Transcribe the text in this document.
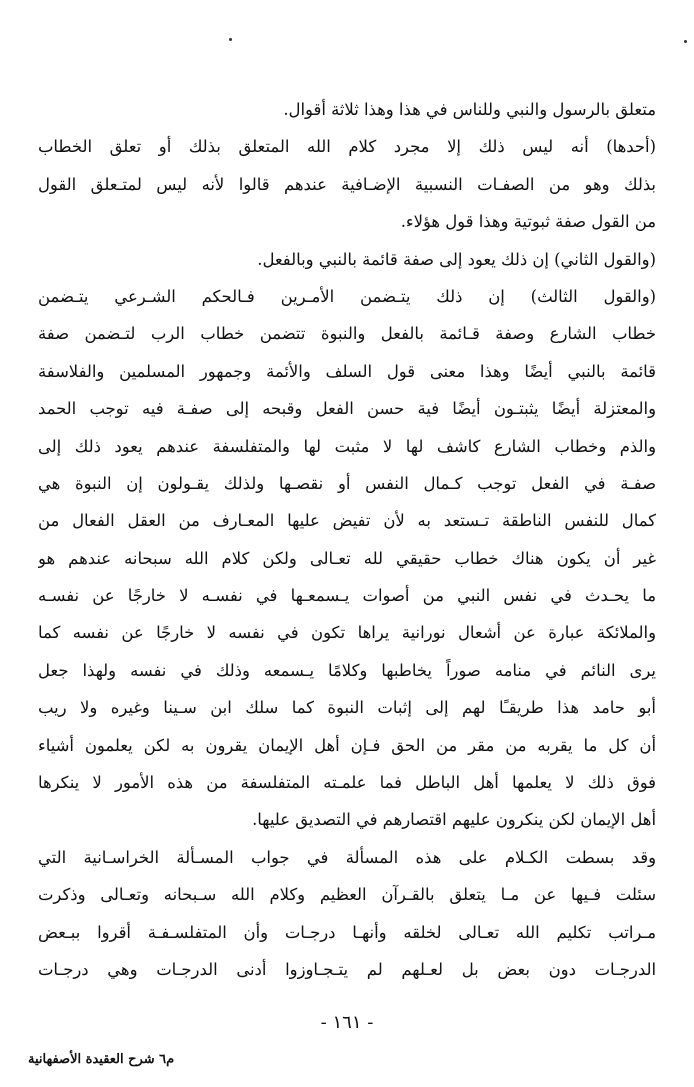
متعلق بالرسول والنبي وللناس في هذا وهذا ثلاثة أقوال.
(أحدها) أنه ليس ذلك إلا مجرد كلام الله المتعلق بذلك أو تعلق الخطاب
بذلك وهو من الصفـات النسبية الإضـافية عندهم قالوا لأنه ليس لمتـعلق القول
من القول صفة ثبوتية وهذا قول هؤلاء.
(والقول الثاني) إن ذلك يعود إلى صفة قائمة بالنبي وبالفعل.
(والقول الثالث) إن ذلك يتـضمن الأمـرين فـالحكم الشـرعي يتـضمن
خطاب الشارع وصفة قـائمة بالفعل والنبوة تتضمن خطاب الرب لتـضمن صفة
قائمة بالنبي أيضًا وهذا معنى قول السلف والأئمة وجمهور المسلمين والفلاسفة
والمعتزلة أيضًا يثبتـون أيضًا فية حسن الفعل وقبحه إلى صفـة فيه توجب الحمد
والذم وخطاب الشارع كاشف لها لا مثبت لها والمتفلسفة عندهم يعود ذلك إلى
صفـة في الفعل توجب كـمال النفس أو نقصـها ولذلك يقـولون إن النبوة هي
كمال للنفس الناطقة تـستعد به لأن تفيض عليها المعـارف من العقل الفعال من
غير أن يكون هناك خطاب حقيقي لله تعـالى ولكن كلام الله سبحانه عندهم هو
ما يحـدث في نفس النبي من أصوات يـسمعـها في نفسـه لا خارجًا عن نفسـه
والملائكة عبارة عن أشعال نورانية يراها تكون في نفسه لا خارجًا عن نفسه كما
يرى النائم في منامه صوراً يخاطبها وكلامًا يـسمعه وذلك في نفسه ولهذا جعل
أبو حامد هذا طريقـًا لهم إلى إثبات النبوة كما سلك ابن سـينا وغيره ولا ريب
أن كل ما يقربه من مقر من الحق فـإن أهل الإيمان يقرون به لكن يعلمون أشياء
فوق ذلك لا يعلمها أهل الباطل فما علمـته المتفلسفة من هذه الأمور لا ينكرها
أهل الإيمان لكن ينكرون عليهم اقتصارهم في التصديق عليها.
وقد بسطت الكـلام على هذه المسألة في جواب المسـألة الخراسـانية التي
سئلت فـيها عن مـا يتعلق بالقـرآن العظيم وكلام الله سـبحانه وتعـالى وذكرت
مـراتب تكليم الله تعـالى لخلقه وأنهـا درجـات وأن المتفلسـفـة أقروا ببـعض
الدرجـات دون بعض بل لعـلهم لم يتـجـاوزوا أدنى الدرجـات وهي درجـات
- ١٦١ -
م٦ شرح العقيدة الأصفهانية
